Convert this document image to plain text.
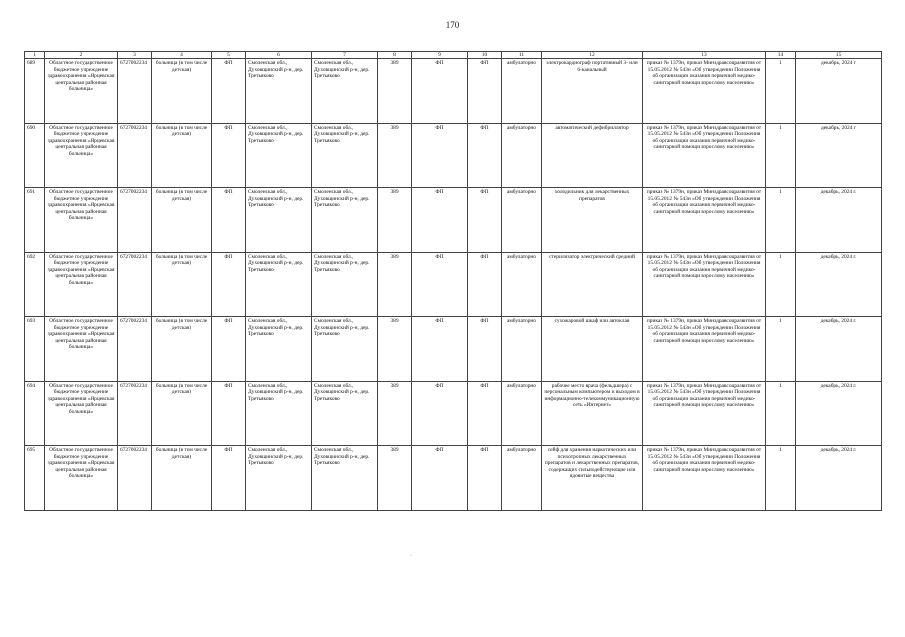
170
1	2	3	4	5	6	7	8	9	10	11	12	13	14	15
689	Областное государственное бюджетное учреждение здравоохранения «Ярцевская центральная районная больница»	6727002234	больница (в том числе детская)	ФП	Смоленская обл., Духовщинский р-н, дер. Третьяково	Смоленская обл., Духовщинский р-н, дер. Третьяково	389	ФП	ФП	амбулаторно	электрокардиограф портативный 3- или 6-канальный	приказ № 1379н, приказ Минздравсоцразвития от 15.05.2012 № 543н «Об утверждении Положения об организации оказания первичной медико-санитарной помощи взрослому населению»	1	декабрь, 2024 г
690	Областное государственное бюджетное учреждение здравоохранения «Ярцевская центральная районная больница»	6727002234	больница (в том числе детская)	ФП	Смоленская обл., Духовщинский р-н, дер. Третьяково	Смоленская обл., Духовщинский р-н, дер. Третьяково	389	ФП	ФП	амбулаторно	автоматический дефибриллятор	приказ № 1379н, приказ Минздравсоцразвития от 15.05.2012 № 543н «Об утверждении Положения об организации оказания первичной медико-санитарной помощи взрослому населению»	1	декабрь, 2024 г
691	Областное государственное бюджетное учреждение здравоохранения «Ярцевская центральная районная больница»	6727002234	больница (в том числе детская)	ФП	Смоленская обл., Духовщинский р-н, дер. Третьяково	Смоленская обл., Духовщинский р-н, дер. Третьяково	389	ФП	ФП	амбулаторно	холодильник для лекарственных препаратов	приказ № 1379н, приказ Минздравсоцразвития от 15.05.2012 № 543н «Об утверждении Положения об организации оказания первичной медико-санитарной помощи взрослому населению»	1	декабрь, 2024 г.
692	Областное государственное бюджетное учреждение здравоохранения «Ярцевская центральная районная больница»	6727002234	больница (в том числе детская)	ФП	Смоленская обл., Духовщинский р-н, дер. Третьяково	Смоленская обл., Духовщинский р-н, дер. Третьяково	389	ФП	ФП	амбулаторно	стерилизатор электрический средний	приказ № 1379н, приказ Минздравсоцразвития от 15.05.2012 № 543н «Об утверждении Положения об организации оказания первичной медико-санитарной помощи взрослому населению»	1	декабрь, 2024 г.
693	Областное государственное бюджетное учреждение здравоохранения «Ярцевская центральная районная больница»	6727002234	больница (в том числе детская)	ФП	Смоленская обл., Духовщинский р-н, дер. Третьяково	Смоленская обл., Духовщинский р-н, дер. Третьяково	389	ФП	ФП	амбулаторно	сухожаровой шкаф или автоклав	приказ № 1379н, приказ Минздравсоцразвития от 15.05.2012 № 543н «Об утверждении Положения об организации оказания первичной медико-санитарной помощи взрослому населению»	1	декабрь, 2024 г.
694	Областное государственное бюджетное учреждение здравоохранения «Ярцевская центральная районная больница»	6727002234	больница (в том числе детская)	ФП	Смоленская обл., Духовщинский р-н, дер. Третьяково	Смоленская обл., Духовщинский р-н, дер. Третьяково	389	ФП	ФП	амбулаторно	рабочее место врача (фельдшера) с персональным компьютером и выходом в информационно-телекоммуникационную сеть «Интернет»	приказ № 1379н, приказ Минздравсоцразвития от 15.05.2012 № 543н «Об утверждении Положения об организации оказания первичной медико-санитарной помощи взрослому населению»	1	декабрь, 2024 г.
695	Областное государственное бюджетное учреждение здравоохранения «Ярцевская центральная районная больница»	6727002234	больница (в том числе детская)	ФП	Смоленская обл., Духовщинский р-н, дер. Третьяково	Смоленская обл., Духовщинский р-н, дер. Третьяково	389	ФП	ФП	амбулаторно	сейф для хранения наркотических или психотропных лекарственных препаратов и лекарственных препаратов, содержащих сильнодействующие или ядовитые вещества	приказ № 1379н, приказ Минздравсоцразвития от 15.05.2012 № 543н «Об утверждении Положения об организации оказания первичной медико-санитарной помощи взрослому населению»	1	декабрь, 2024 г.
·
